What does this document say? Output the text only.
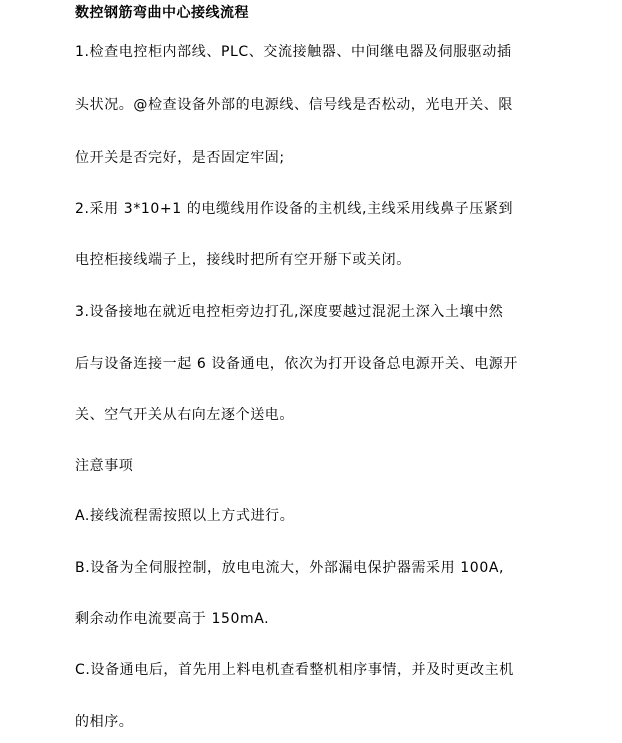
数控钢筋弯曲中心接线流程
1.检查电控柜内部线、PLC、交流接触器、中间继电器及伺服驱动插
头状况。@检查设备外部的电源线、信号线是否松动，光电开关、限
位开关是否完好，是否固定牢固;
2.采用 3*10+1 的电缆线用作设备的主机线,主线采用线鼻子压紧到
电控柜接线端子上，接线时把所有空开掰下或关闭。
3.设备接地在就近电控柜旁边打孔,深度要越过混泥土深入土壤中然
后与设备连接一起 6 设备通电，依次为打开设备总电源开关、电源开
关、空气开关从右向左逐个送电。
注意事项
A.接线流程需按照以上方式进行。
B.设备为全伺服控制，放电电流大，外部漏电保护器需采用 100A,
剩余动作电流要高于 150mA.
C.设备通电后，首先用上料电机查看整机相序事情，并及时更改主机
的相序。
